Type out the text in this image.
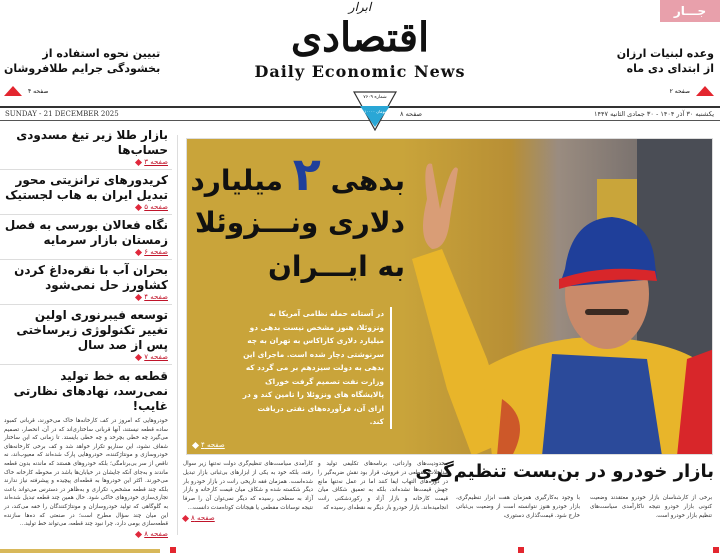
جـــار
تبیین نحوه استفاده از
بخشودگی جرایم طلافروشان
صفحه ۴
وعده لبنیات ارزان
از ابتدای دی ماه
صفحه ۲
ابرار
اقتصادی
Daily Economic News
SUNDAY - 21 DECEMBER 2025	یکشنبه ۳۰ آذر ۱۴۰۴ - ۳۰ جمادی الثانیه ۱۴۴۷
۸ صفحه
شماره ۷۶۰۹
۱۰۰۰۰ تومان
بازار طلا زیر تیغ مسدودی حساب‌ها
صفحه ۳
کریدورهای ترانزیتی محور تبدیل ایران به هاب لجستیک
صفحه ۵
نگاه فعالان بورسی به فصل زمستان بازار سرمایه
صفحه ۶
بحران آب با نقره‌داغ کردن کشاورز حل نمی‌شود
صفحه ۴
توسعه فیبرنوری اولین تغییر تکنولوژی زیرساختی پس از صد سال
صفحه ۷
قطعه به خط تولید نمی‌رسد، نهادهای نظارتی غایب!
خودروهایی که امروز در کف کارخانه‌ها خاک می‌خورند، قربانی کمبود ساده قطعه نیستند، آنها قربانی ساختاری‌اند که در آن، انحصار، تصمیم می‌گیرد چه خطی بچرخد و چه خطی بایستد. تا زمانی که این ساختار شفاف نشود، این سناریو تکرار خواهد شد و کف برخی کارخانه‌های خودروسازی و مونتاژکننده، خودروهایی پارک شده‌اند که معیوب‌اند، نه ناقص از سر بی‌برنامگی؛ بلکه خودروهای هستند که ماندنه بدون قطعه ماندند و به‌جای آنکه جایشان در خیابان‌ها باشد در محوطه کارخانه خاک می‌خورند. اکثر این خودروها به قطعه‌ای پیچیده و پیشرفته نیاز ندارند بلکه چند قطعه مشخص، تکراری و به‌ظاهر در دسترس می‌تواند باعث تجاری‌سازی خودروهای خاکی شود. حال همین چند قطعه تبدیل شده‌اند به گلوگاهی که تولید خودروسازان و مونتاژکنندگان را خفه می‌کند، در این میان چند سؤال مطرح است؛ در صنعتی که ده‌ها سازنده قطعه‌سازی بومی دارد، چرا نبود چند قطعه، می‌تواند خط تولید...
صفحه ۸
بدهی ۲ میلیارد
دلاری ونـــزوئلا
به ایـــران
در آستانه حمله نظامی آمریکا به ونزوئلا، هنوز مشخص نیست بدهی دو میلیارد دلاری کاراکاس به تهران به چه سرنوشتی دچار شده است. ماجرای این بدهی به دولت سیزدهم بر می گردد که وزارت نفت تصمیم گرفت خوراک پالایشگاه های ونزوئلا را تامین کند و در ازای آن، فرآورده‌های نفتی دریافت کند.
صفحه ۴
بازار خودرو در بن‌بست تنظیم‌گری
برخی از کارشناسان بازار خودرو معتقدند وضعیت کنونی بازار خودرو نتیجه ناکارآمدی سیاست‌های تنظیم بازار خودرو است.
با وجود به‌کارگیری همزمان هفت ابزار تنظیم‌گری، بازار خودرو هنوز نتوانسته است از وضعیت بی‌ثباتی خارج شود. قیمت‌گذاری دستوری،
محدودیت‌های وارداتی، برنامه‌های تکلیفی تولید و مداخلات مقطعی در فروش، قرار بود نقش ضربه‌گیر را در دوره‌های التهاب ایفا کنند اما در عمل نه‌تنها مانع جهش قیمت‌ها نشده‌اند، بلکه به تعمیق شکاف میان قیمت کارخانه و بازار آزاد و رکوردشکنی رانت انجامیده‌اند. بازار خودرو بار دیگر به نقطه‌ای رسیده که
کارآمدی سیاست‌های تنظیم‌گری دولت نه‌تنها زیر سوال رفته، بلکه خود به یکی از ابزارهای بی‌ثباتی بازار تبدیل شده‌است. همزمان فقه تاریخی رانت در بازار خودرو بار دیگر شکسته شده و شکاف میان قیمت کارخانه و بازار آزاد به سطحی رسیده که دیگر نمی‌توان آن را صرفا نتیجه نوسانات مقطعی یا هیجانات کوتاه‌مدت دانست...
صفحه ۸
